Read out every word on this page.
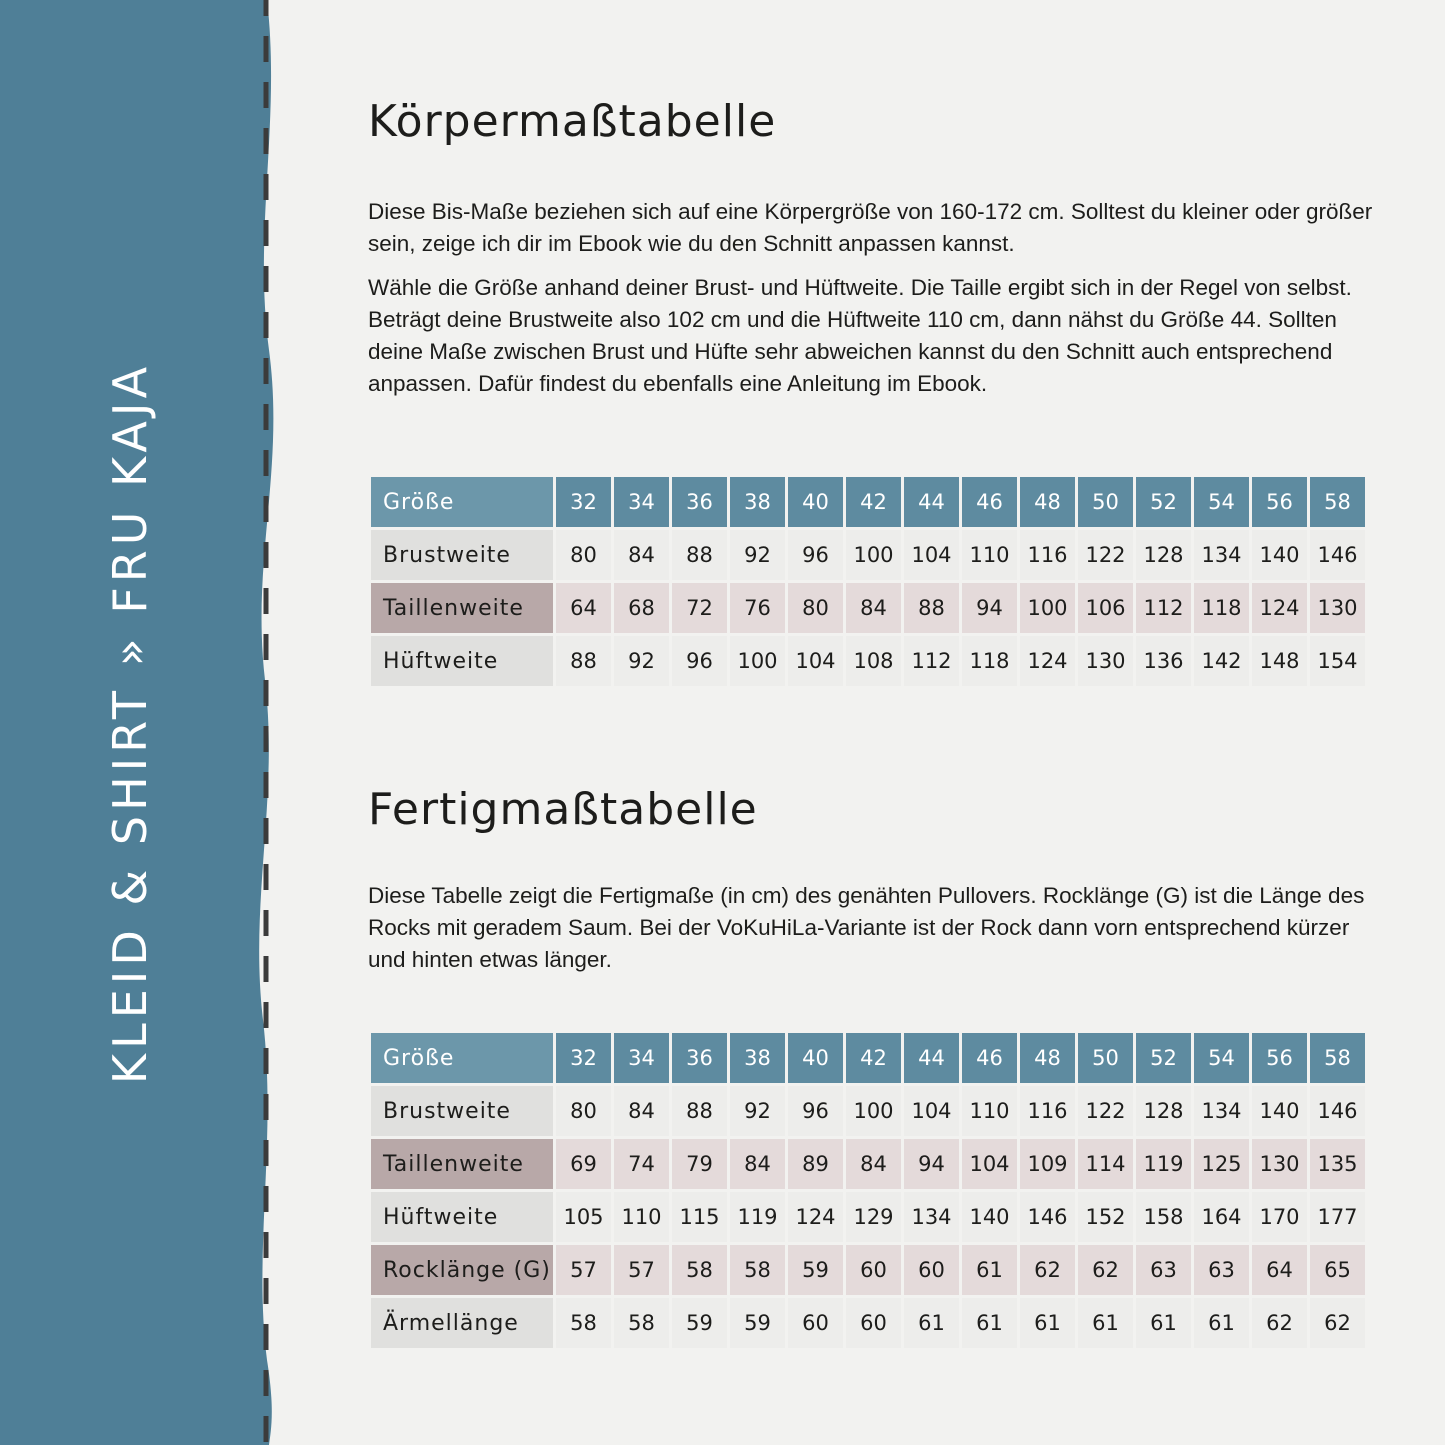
KLEID & SHIRT » FRU KAJA
Körpermaßtabelle

Diese Bis-Maße beziehen sich auf eine Körpergröße von 160-172 cm. Solltest du kleiner oder größer sein, zeige ich dir im Ebook wie du den Schnitt anpassen kannst.

Wähle die Größe anhand deiner Brust- und Hüftweite. Die Taille ergibt sich in der Regel von selbst. Beträgt deine Brustweite also 102 cm und die Hüftweite 110 cm, dann nähst du Größe 44. Sollten deine Maße zwischen Brust und Hüfte sehr abweichen kannst du den Schnitt auch entsprechend anpassen. Dafür findest du ebenfalls eine Anleitung im Ebook.

Größe	32	34	36	38	40	42	44	46	48	50	52	54	56	58
Brustweite	80	84	88	92	96	100	104	110	116	122	128	134	140	146
Taillenweite	64	68	72	76	80	84	88	94	100	106	112	118	124	130
Hüftweite	88	92	96	100	104	108	112	118	124	130	136	142	148	154
Fertigmaßtabelle

Diese Tabelle zeigt die Fertigmaße (in cm) des genähten Pullovers. Rocklänge (G) ist die Länge des Rocks mit geradem Saum. Bei der VoKuHiLa-Variante ist der Rock dann vorn entsprechend kürzer und hinten etwas länger.

Größe	32	34	36	38	40	42	44	46	48	50	52	54	56	58
Brustweite	80	84	88	92	96	100	104	110	116	122	128	134	140	146
Taillenweite	69	74	79	84	89	84	94	104	109	114	119	125	130	135
Hüftweite	105	110	115	119	124	129	134	140	146	152	158	164	170	177
Rocklänge (G)	57	57	58	58	59	60	60	61	62	62	63	63	64	65
Ärmellänge	58	58	59	59	60	60	61	61	61	61	61	61	62	62
